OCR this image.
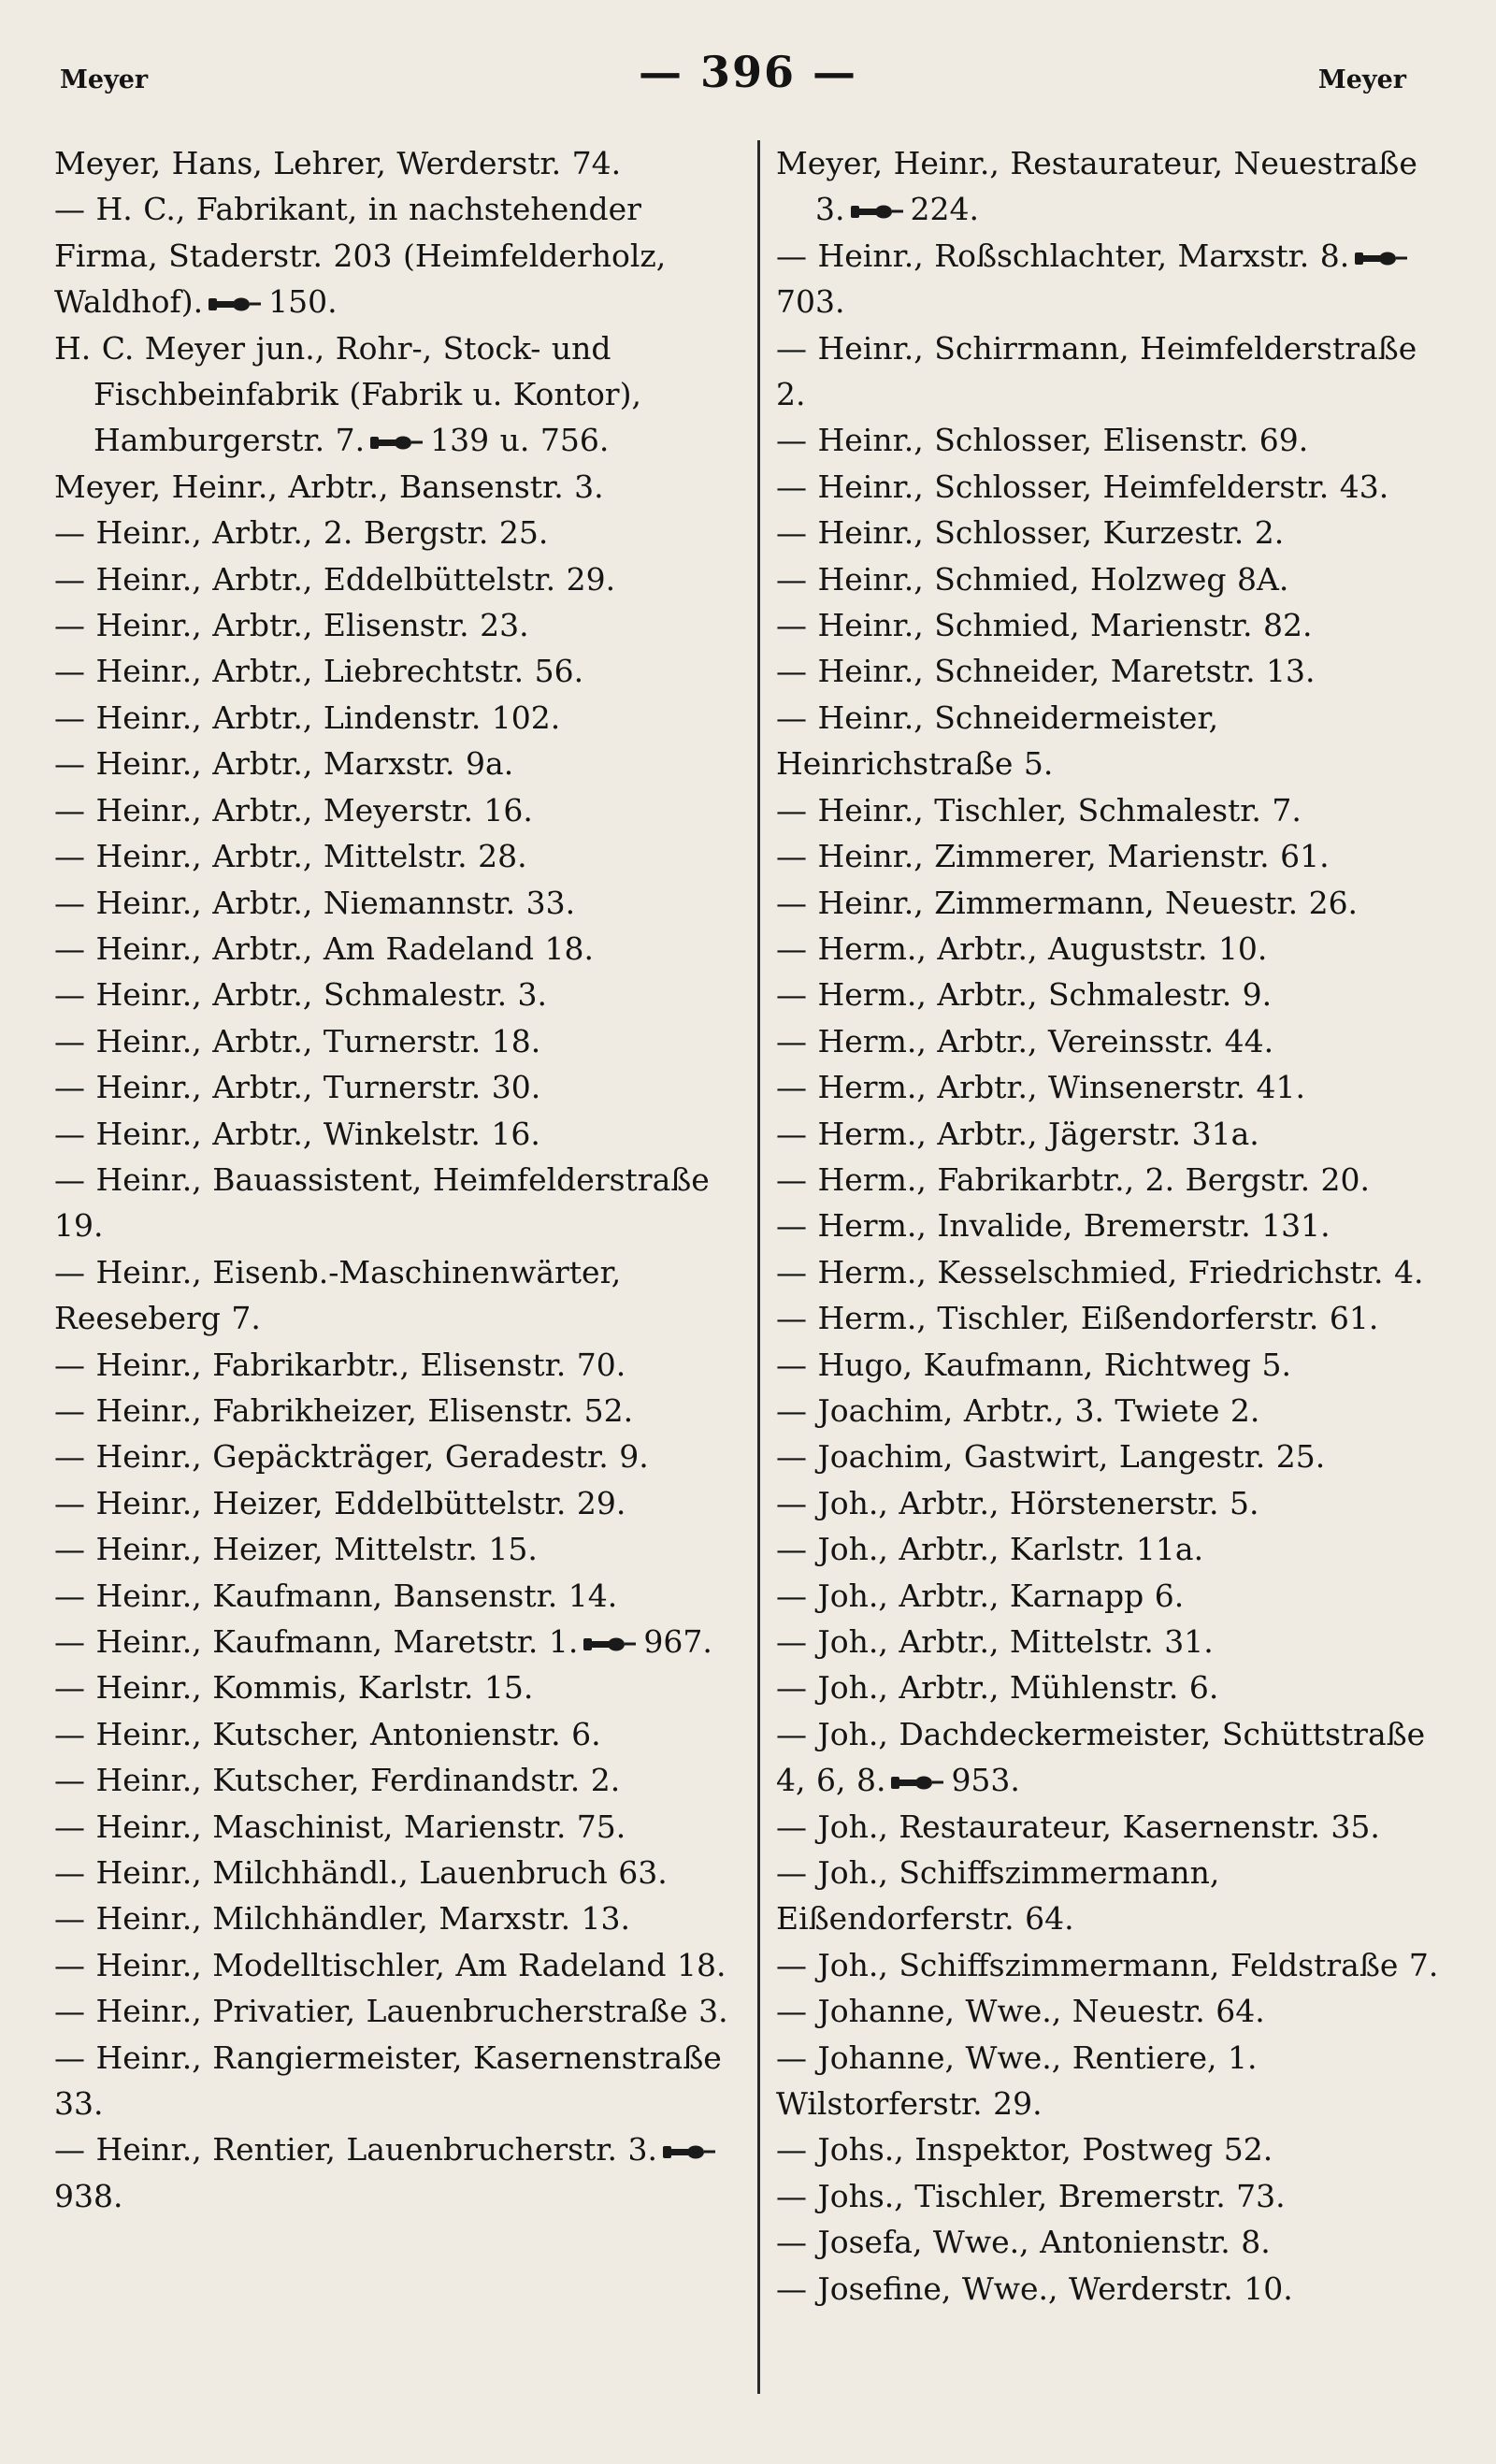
Meyer	— 396 —	Meyer
Meyer, Hans, Lehrer, Werderstr. 74.
— H. C., Fabrikant, in nachstehender Firma, Staderstr. 203 (Heimfelderholz, Waldhof). 150.
H. C. Meyer jun., Rohr-, Stock- und Fischbeinfabrik (Fabrik u. Kontor), Hamburgerstr. 7. 139 u. 756.
Meyer, Heinr., Arbtr., Bansenstr. 3.
— Heinr., Arbtr., 2. Bergstr. 25.
— Heinr., Arbtr., Eddelbüttelstr. 29.
— Heinr., Arbtr., Elisenstr. 23.
— Heinr., Arbtr., Liebrechtstr. 56.
— Heinr., Arbtr., Lindenstr. 102.
— Heinr., Arbtr., Marxstr. 9a.
— Heinr., Arbtr., Meyerstr. 16.
— Heinr., Arbtr., Mittelstr. 28.
— Heinr., Arbtr., Niemannstr. 33.
— Heinr., Arbtr., Am Radeland 18.
— Heinr., Arbtr., Schmalestr. 3.
— Heinr., Arbtr., Turnerstr. 18.
— Heinr., Arbtr., Turnerstr. 30.
— Heinr., Arbtr., Winkelstr. 16.
— Heinr., Bauassistent, Heimfelderstraße 19.
— Heinr., Eisenb.-Maschinenwärter, Reeseberg 7.
— Heinr., Fabrikarbtr., Elisenstr. 70.
— Heinr., Fabrikheizer, Elisenstr. 52.
— Heinr., Gepäckträger, Geradestr. 9.
— Heinr., Heizer, Eddelbüttelstr. 29.
— Heinr., Heizer, Mittelstr. 15.
— Heinr., Kaufmann, Bansenstr. 14.
— Heinr., Kaufmann, Maretstr. 1. 967.
— Heinr., Kommis, Karlstr. 15.
— Heinr., Kutscher, Antonienstr. 6.
— Heinr., Kutscher, Ferdinandstr. 2.
— Heinr., Maschinist, Marienstr. 75.
— Heinr., Milchhändl., Lauenbruch 63.
— Heinr., Milchhändler, Marxstr. 13.
— Heinr., Modelltischler, Am Radeland 18.
— Heinr., Privatier, Lauenbrucherstraße 3.
— Heinr., Rangiermeister, Kasernenstraße 33.
— Heinr., Rentier, Lauenbrucherstr. 3.938.
Meyer, Heinr., Restaurateur, Neuestraße 3. 224.
— Heinr., Roßschlachter, Marxstr. 8.703.
— Heinr., Schirrmann, Heimfelderstraße 2.
— Heinr., Schlosser, Elisenstr. 69.
— Heinr., Schlosser, Heimfelderstr. 43.
— Heinr., Schlosser, Kurzestr. 2.
— Heinr., Schmied, Holzweg 8A.
— Heinr., Schmied, Marienstr. 82.
— Heinr., Schneider, Maretstr. 13.
— Heinr., Schneidermeister, Heinrichstraße 5.
— Heinr., Tischler, Schmalestr. 7.
— Heinr., Zimmerer, Marienstr. 61.
— Heinr., Zimmermann, Neuestr. 26.
— Herm., Arbtr., Auguststr. 10.
— Herm., Arbtr., Schmalestr. 9.
— Herm., Arbtr., Vereinsstr. 44.
— Herm., Arbtr., Winsenerstr. 41.
— Herm., Arbtr., Jägerstr. 31a.
— Herm., Fabrikarbtr., 2. Bergstr. 20.
— Herm., Invalide, Bremerstr. 131.
— Herm., Kesselschmied, Friedrichstr. 4.
— Herm., Tischler, Eißendorferstr. 61.
— Hugo, Kaufmann, Richtweg 5.
— Joachim, Arbtr., 3. Twiete 2.
— Joachim, Gastwirt, Langestr. 25.
— Joh., Arbtr., Hörstenerstr. 5.
— Joh., Arbtr., Karlstr. 11a.
— Joh., Arbtr., Karnapp 6.
— Joh., Arbtr., Mittelstr. 31.
— Joh., Arbtr., Mühlenstr. 6.
— Joh., Dachdeckermeister, Schüttstraße 4, 6, 8. 953.
— Joh., Restaurateur, Kasernenstr. 35.
— Joh., Schiffszimmermann, Eißendorferstr. 64.
— Joh., Schiffszimmermann, Feldstraße 7.
— Johanne, Wwe., Neuestr. 64.
— Johanne, Wwe., Rentiere, 1. Wilstorferstr. 29.
— Johs., Inspektor, Postweg 52.
— Johs., Tischler, Bremerstr. 73.
— Josefa, Wwe., Antonienstr. 8.
— Josefine, Wwe., Werderstr. 10.
